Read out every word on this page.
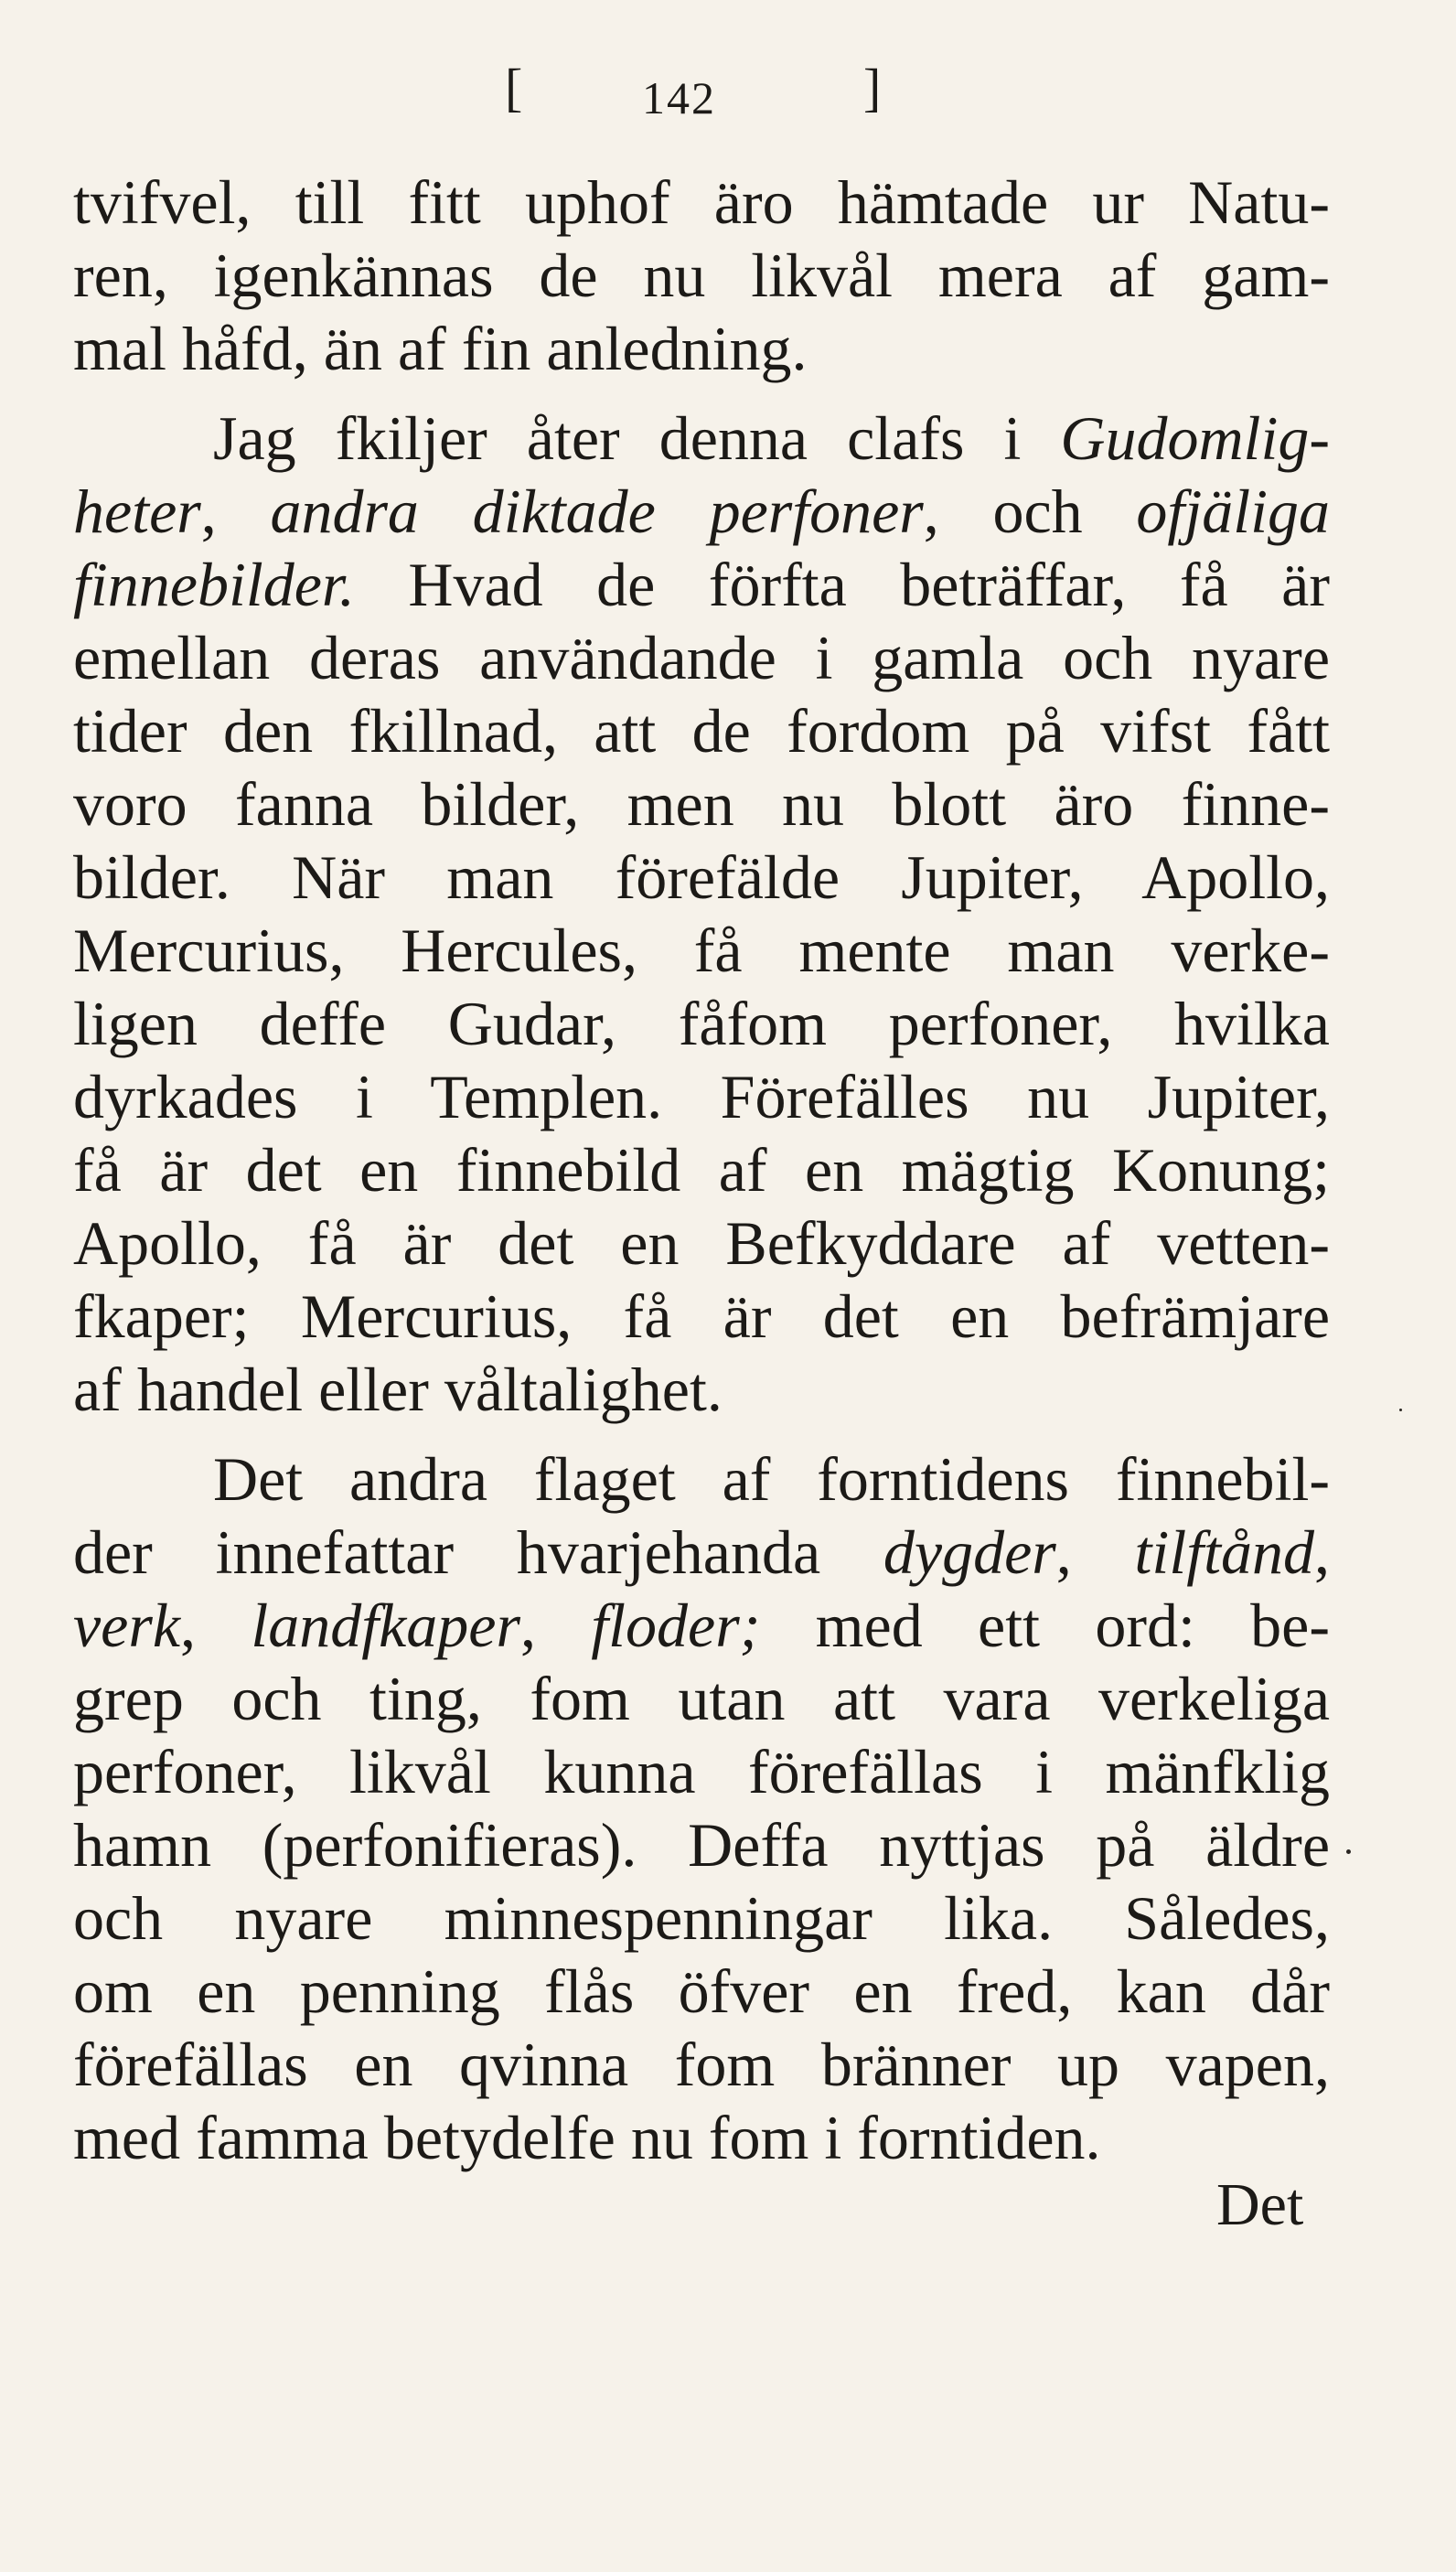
[	142	]
tvifvel, till fitt uphof äro hämtade ur Natu-
ren, igenkännas de nu likvål mera af gam-
mal håfd, än af fin anledning.
Jag fkiljer åter denna clafs i Gudomlig-
heter, andra diktade perfoner, och ofjäliga
finnebilder. Hvad de förfta beträffar, få är
emellan deras användande i gamla och nyare
tider den fkillnad, att de fordom på vifst fått
voro fanna bilder, men nu blott äro finne-
bilder. När man förefälde Jupiter, Apollo,
Mercurius, Hercules, få mente man verke-
ligen deffe Gudar, fåfom perfoner, hvilka
dyrkades i Templen. Förefälles nu Jupiter,
få är det en finnebild af en mägtig Konung;
Apollo, få är det en Befkyddare af vetten-
fkaper; Mercurius, få är det en befrämjare
af handel eller våltalighet.
Det andra flaget af forntidens finnebil-
der innefattar hvarjehanda dygder, tilftånd,
verk, landfkaper, floder; med ett ord: be-
grep och ting, fom utan att vara verkeliga
perfoner, likvål kunna förefällas i mänfklig
hamn (perfonifieras). Deffa nyttjas på äldre
och nyare minnespenningar lika. Således,
om en penning flås öfver en fred, kan dår
förefällas en qvinna fom bränner up vapen,
med famma betydelfe nu fom i forntiden.
Det
